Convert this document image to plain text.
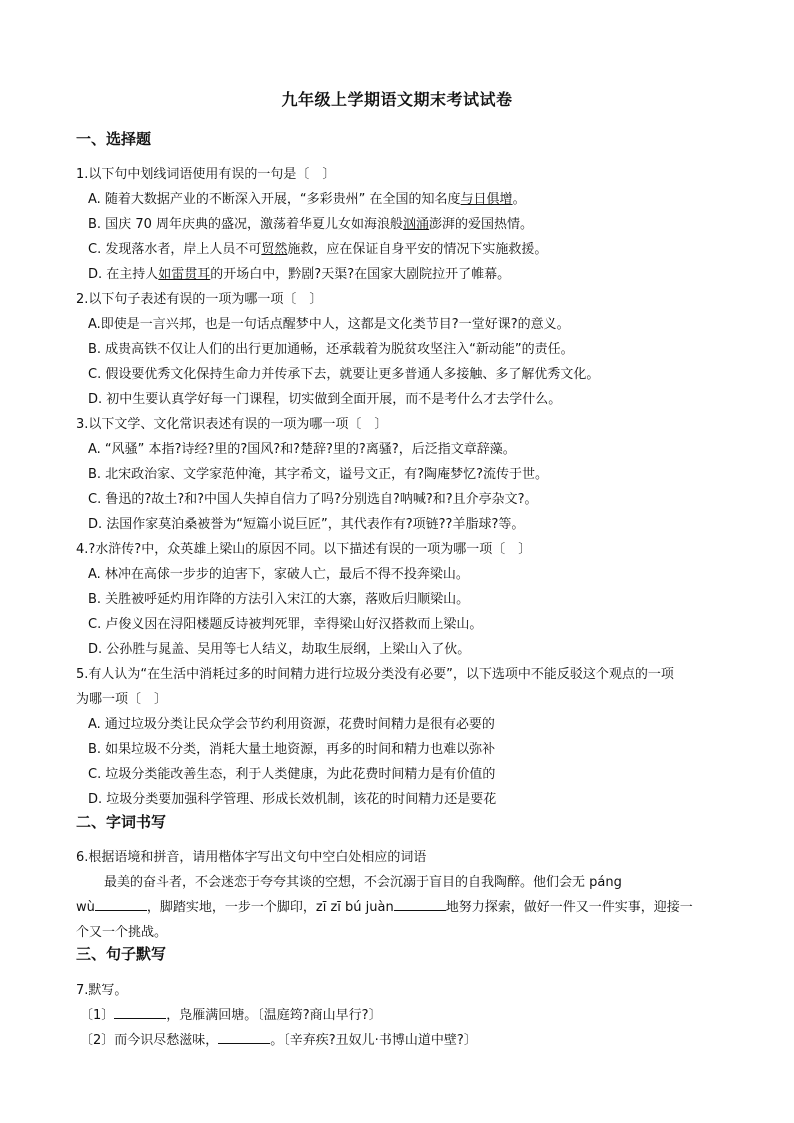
九年级上学期语文期末考试试卷
一、选择题
1.以下句中划线词语使用有误的一句是〔　〕
A. 随着大数据产业的不断深入开展，“多彩贵州” 在全国的知名度与日俱增。
B. 国庆 70 周年庆典的盛况，激荡着华夏儿女如海浪般汹涌澎湃的爱国热情。
C. 发现落水者，岸上人员不可贸然施救，应在保证自身平安的情况下实施救援。
D. 在主持人如雷贯耳的开场白中，黔剧?天渠?在国家大剧院拉开了帷幕。
2.以下句子表述有误的一项为哪一项〔　〕
A.即使是一言兴邦，也是一句话点醒梦中人，这都是文化类节目?一堂好课?的意义。
B. 成贵高铁不仅让人们的出行更加通畅，还承载着为脱贫攻坚注入“新动能”的责任。
C. 假设要优秀文化保持生命力并传承下去，就要让更多普通人多接触、多了解优秀文化。
D. 初中生要认真学好每一门课程，切实做到全面开展，而不是考什么才去学什么。
3.以下文学、文化常识表述有误的一项为哪一项〔　〕
A. “风骚” 本指?诗经?里的?国风?和?楚辞?里的?离骚?，后泛指文章辞藻。
B. 北宋政治家、文学家范仲淹，其字希文，谥号文正，有?陶庵梦忆?流传于世。
C. 鲁迅的?故土?和?中国人失掉自信力了吗?分别选自?呐喊?和?且介亭杂文?。
D. 法国作家莫泊桑被誉为“短篇小说巨匠”，其代表作有?项链??羊脂球?等。
4.?水浒传?中，众英雄上梁山的原因不同。以下描述有误的一项为哪一项〔　〕
A. 林冲在高俅一步步的迫害下，家破人亡，最后不得不投奔梁山。
B. 关胜被呼延灼用诈降的方法引入宋江的大寨，落败后归顺梁山。
C. 卢俊义因在浔阳楼题反诗被判死罪，幸得梁山好汉搭救而上梁山。
D. 公孙胜与晁盖、吴用等七人结义，劫取生辰纲，上梁山入了伙。
5.有人认为“在生活中消耗过多的时间精力进行垃圾分类没有必要”，以下选项中不能反驳这个观点的一项
为哪一项〔　〕
A. 通过垃圾分类让民众学会节约利用资源，花费时间精力是很有必要的
B. 如果垃圾不分类，消耗大量土地资源，再多的时间和精力也难以弥补
C. 垃圾分类能改善生态，利于人类健康，为此花费时间精力是有价值的
D. 垃圾分类要加强科学管理、形成长效机制，该花的时间精力还是要花
二、字词书写
6.根据语境和拼音，请用楷体字写出文句中空白处相应的词语
最美的奋斗者，不会迷恋于夸夸其谈的空想，不会沉溺于盲目的自我陶醉。他们会无 páng
wù	，脚踏实地，一步一个脚印，zī zī bú juàn	地努力探索，做好一件又一件实事，迎接一
个又一个挑战。
三、句子默写
7.默写。
〔1〕	，凫雁满回塘。〔温庭筠?商山早行?〕
〔2〕而今识尽愁滋味，	。〔辛弃疾?丑奴儿·书博山道中壁?〕
